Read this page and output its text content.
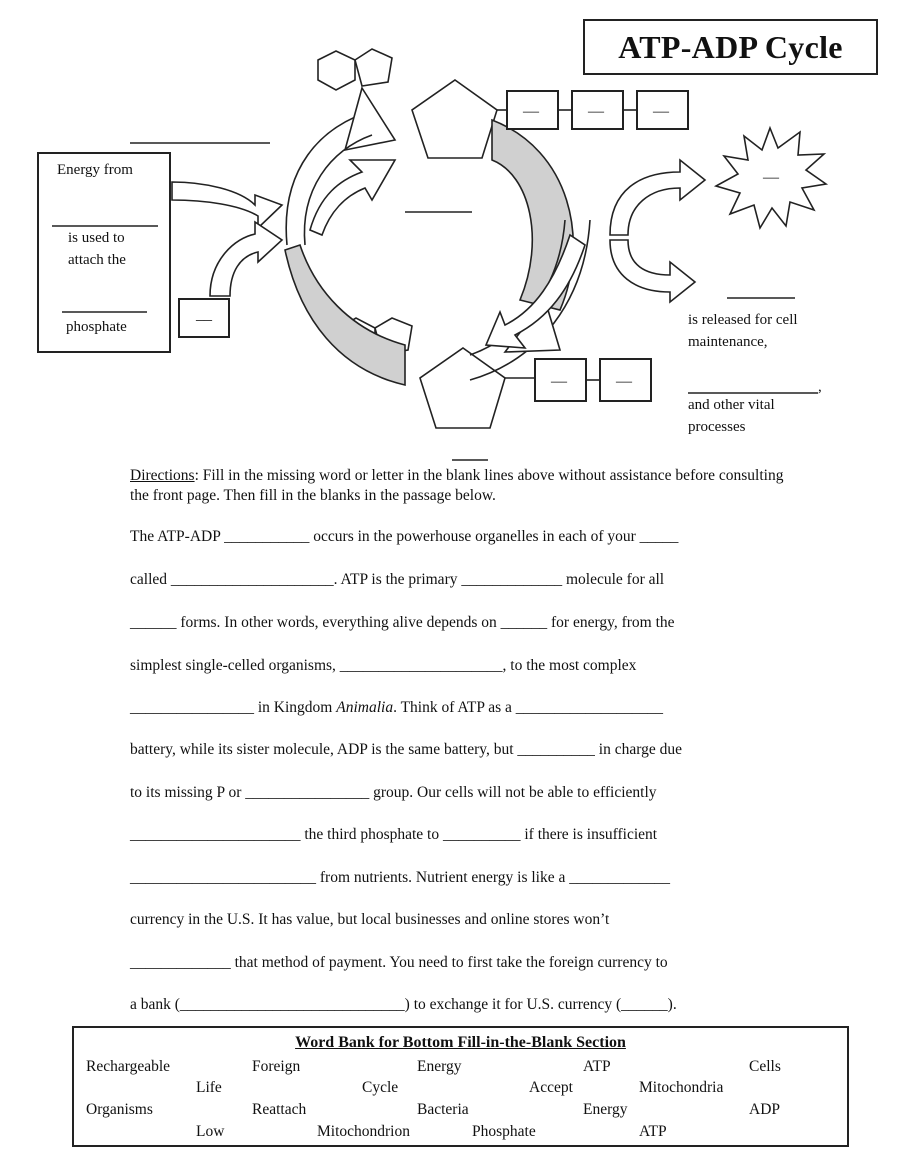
ATP-ADP Cycle
Energy from
is used to
attach the
phosphate
__
—	—	—
—	—
—
is released for cell
maintenance,
,
and other vital
processes
Directions: Fill in the missing word or letter in the blank lines above without assistance before consulting the front page. Then fill in the blanks in the passage below.
The ATP-ADP ___________ occurs in the powerhouse organelles in each of your _____
called _____________________. ATP is the primary _____________ molecule for all
______ forms. In other words, everything alive depends on ______ for energy, from the
simplest single-celled organisms, _____________________, to the most complex
________________ in Kingdom Animalia. Think of ATP as a ___________________
battery, while its sister molecule, ADP is the same battery, but __________ in charge due
to its missing P or ________________ group. Our cells will not be able to efficiently
______________________ the third phosphate to __________ if there is insufficient
________________________ from nutrients. Nutrient energy is like a _____________
currency in the U.S. It has value, but local businesses and online stores won’t
_____________ that method of payment. You need to first take the foreign currency to
a bank (_____________________________) to exchange it for U.S. currency (______).
Word Bank for Bottom Fill-in-the-Blank Section
Rechargeable	Foreign	Energy	ATP	Cells
Life	Cycle	Accept	Mitochondria
Organisms	Reattach	Bacteria	Energy	ADP
Low	Mitochondrion	Phosphate	ATP
